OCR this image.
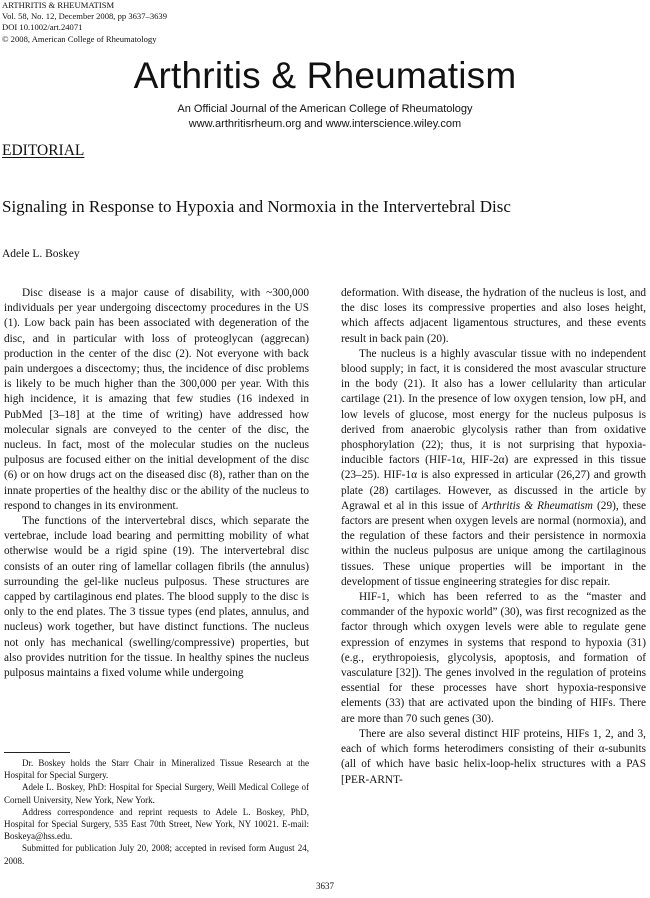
ARTHRITIS & RHEUMATISM
Vol. 58, No. 12, December 2008, pp 3637–3639
DOI 10.1002/art.24071
© 2008, American College of Rheumatology
Arthritis & Rheumatism
An Official Journal of the American College of Rheumatology
www.arthritisrheum.org and www.interscience.wiley.com
EDITORIAL
Signaling in Response to Hypoxia and Normoxia in the Intervertebral Disc
Adele L. Boskey

Disc disease is a major cause of disability, with ~300,000 individuals per year undergoing discectomy procedures in the US (1). Low back pain has been associated with degeneration of the disc, and in particular with loss of proteoglycan (aggrecan) production in the center of the disc (2). Not everyone with back pain undergoes a discectomy; thus, the incidence of disc problems is likely to be much higher than the 300,000 per year. With this high incidence, it is amazing that few studies (16 indexed in PubMed [3–18] at the time of writing) have addressed how molecular signals are conveyed to the center of the disc, the nucleus. In fact, most of the molecular studies on the nucleus pulposus are focused either on the initial development of the disc (6) or on how drugs act on the diseased disc (8), rather than on the innate properties of the healthy disc or the ability of the nucleus to respond to changes in its environment.

The functions of the intervertebral discs, which separate the vertebrae, include load bearing and permitting mobility of what otherwise would be a rigid spine (19). The intervertebral disc consists of an outer ring of lamellar collagen fibrils (the annulus) surrounding the gel-like nucleus pulposus. These structures are capped by cartilaginous end plates. The blood supply to the disc is only to the end plates. The 3 tissue types (end plates, annulus, and nucleus) work together, but have distinct functions. The nucleus not only has mechanical (swelling/compressive) properties, but also provides nutrition for the tissue. In healthy spines the nucleus pulposus maintains a fixed volume while undergoing

deformation. With disease, the hydration of the nucleus is lost, and the disc loses its compressive properties and also loses height, which affects adjacent ligamentous structures, and these events result in back pain (20).

The nucleus is a highly avascular tissue with no independent blood supply; in fact, it is considered the most avascular structure in the body (21). It also has a lower cellularity than articular cartilage (21). In the presence of low oxygen tension, low pH, and low levels of glucose, most energy for the nucleus pulposus is derived from anaerobic glycolysis rather than from oxidative phosphorylation (22); thus, it is not surprising that hypoxia-inducible factors (HIF-1α, HIF-2α) are expressed in this tissue (23–25). HIF-1α is also expressed in articular (26,27) and growth plate (28) cartilages. However, as discussed in the article by Agrawal et al in this issue of Arthritis & Rheumatism (29), these factors are present when oxygen levels are normal (normoxia), and the regulation of these factors and their persistence in normoxia within the nucleus pulposus are unique among the cartilaginous tissues. These unique properties will be important in the development of tissue engineering strategies for disc repair.

HIF-1, which has been referred to as the “master and commander of the hypoxic world” (30), was first recognized as the factor through which oxygen levels were able to regulate gene expression of enzymes in systems that respond to hypoxia (31) (e.g., erythropoiesis, glycolysis, apoptosis, and formation of vasculature [32]). The genes involved in the regulation of proteins essential for these processes have short hypoxia-responsive elements (33) that are activated upon the binding of HIFs. There are more than 70 such genes (30).

There are also several distinct HIF proteins, HIFs 1, 2, and 3, each of which forms heterodimers consisting of their α-subunits (all of which have basic helix-loop-helix structures with a PAS [PER-ARNT-

Dr. Boskey holds the Starr Chair in Mineralized Tissue Research at the Hospital for Special Surgery.

Adele L. Boskey, PhD: Hospital for Special Surgery, Weill Medical College of Cornell University, New York, New York.

Address correspondence and reprint requests to Adele L. Boskey, PhD, Hospital for Special Surgery, 535 East 70th Street, New York, NY 10021. E-mail: Boskeya@hss.edu.

Submitted for publication July 20, 2008; accepted in revised form August 24, 2008.

3637
